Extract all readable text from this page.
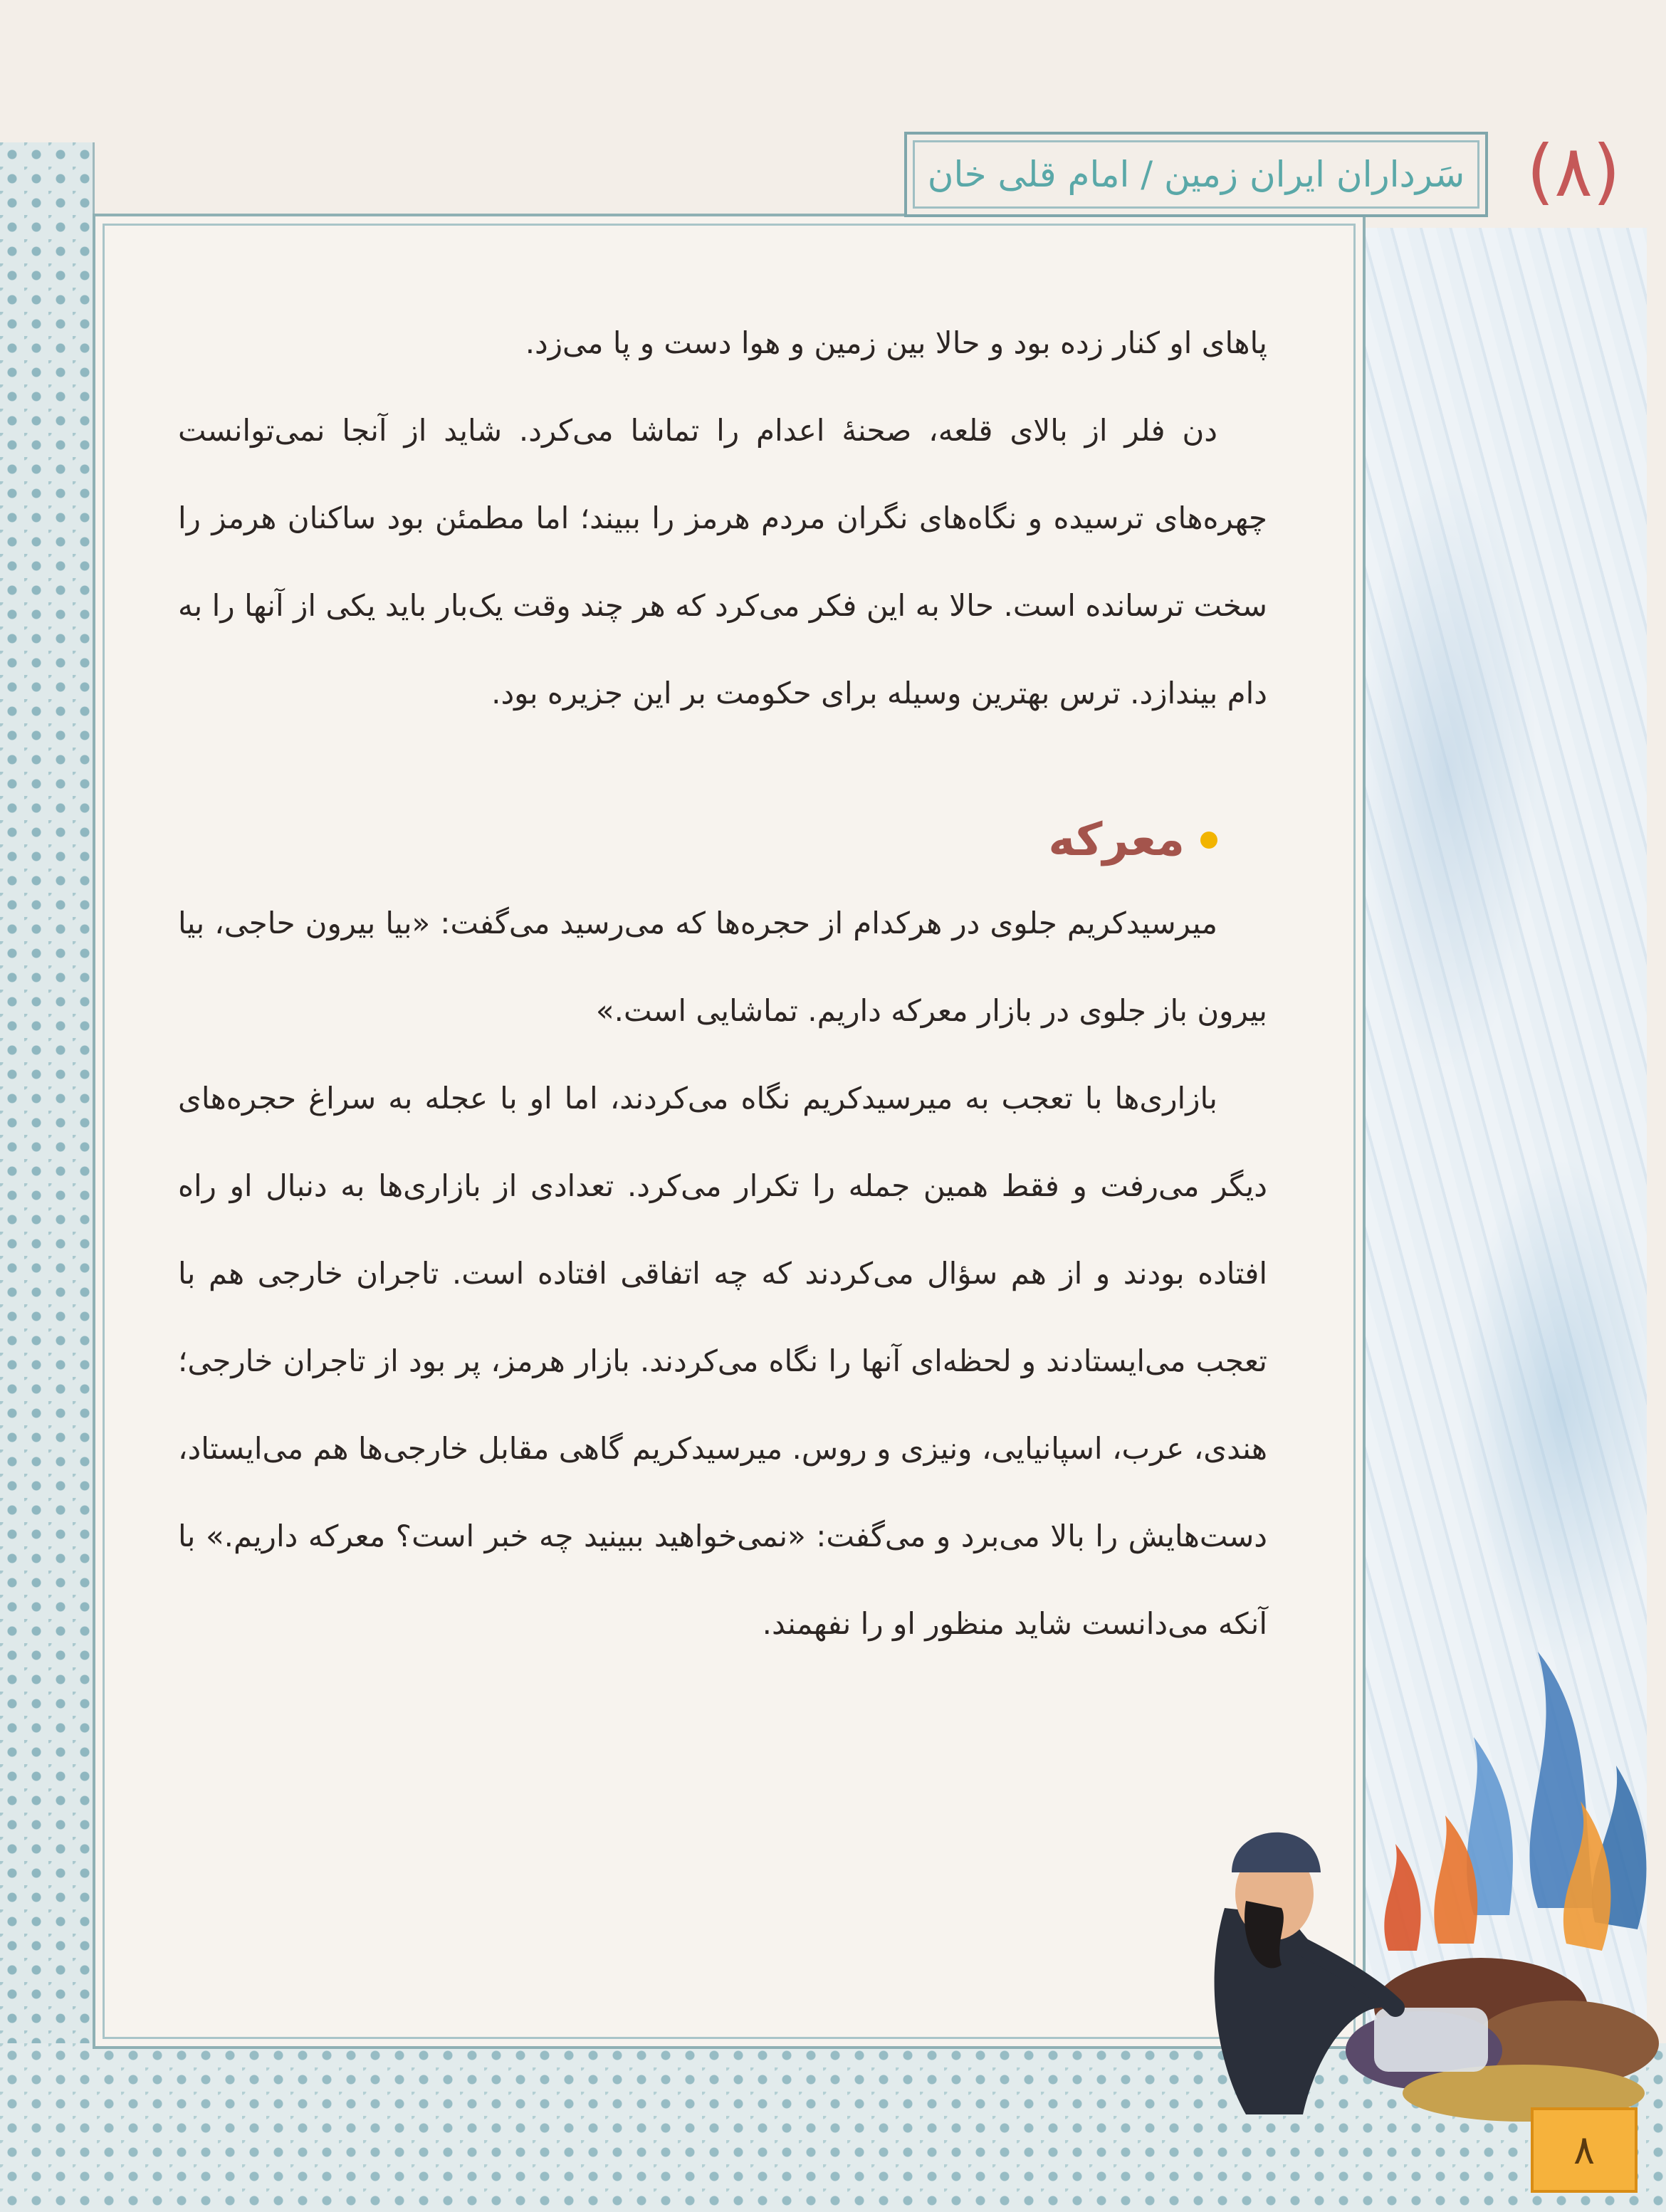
سَرداران ایران زمین / امام قلی خان (۸)

پاهای او کنار زده بود و حالا بین زمین و هوا دست و پا می‌زد.

دن فلر از بالای قلعه، صحنهٔ اعدام را تماشا می‌کرد. شاید از آنجا نمی‌توانست چهره‌های ترسیده و نگاه‌های نگران مردم هرمز را ببیند؛ اما مطمئن بود ساکنان هرمز را سخت ترسانده است. حالا به این فکر می‌کرد که هر چند وقت یک‌بار باید یکی از آنها را به دام بیندازد. ترس بهترین وسیله برای حکومت بر این جزیره بود.

معرکه

میرسیدکریم جلوی در هرکدام از حجره‌ها که می‌رسید می‌گفت: «بیا بیرون حاجی، بیا بیرون باز جلوی در بازار معرکه داریم. تماشایی است.»

بازاری‌ها با تعجب به میرسیدکریم نگاه می‌کردند، اما او با عجله به سراغ حجره‌های دیگر می‌رفت و فقط همین جمله را تکرار می‌کرد. تعدادی از بازاری‌ها به دنبال او راه افتاده بودند و از هم سؤال می‌کردند که چه اتفاقی افتاده است. تاجران خارجی هم با تعجب می‌ایستادند و لحظه‌ای آنها را نگاه می‌کردند. بازار هرمز، پر بود از تاجران خارجی؛ هندی، عرب، اسپانیایی، ونیزی و روس. میرسیدکریم گاهی مقابل خارجی‌ها هم می‌ایستاد، دست‌هایش را بالا می‌برد و می‌گفت: «نمی‌خواهید ببینید چه خبر است؟ معرکه داریم.» با آنکه می‌دانست شاید منظور او را نفهمند.

۸
